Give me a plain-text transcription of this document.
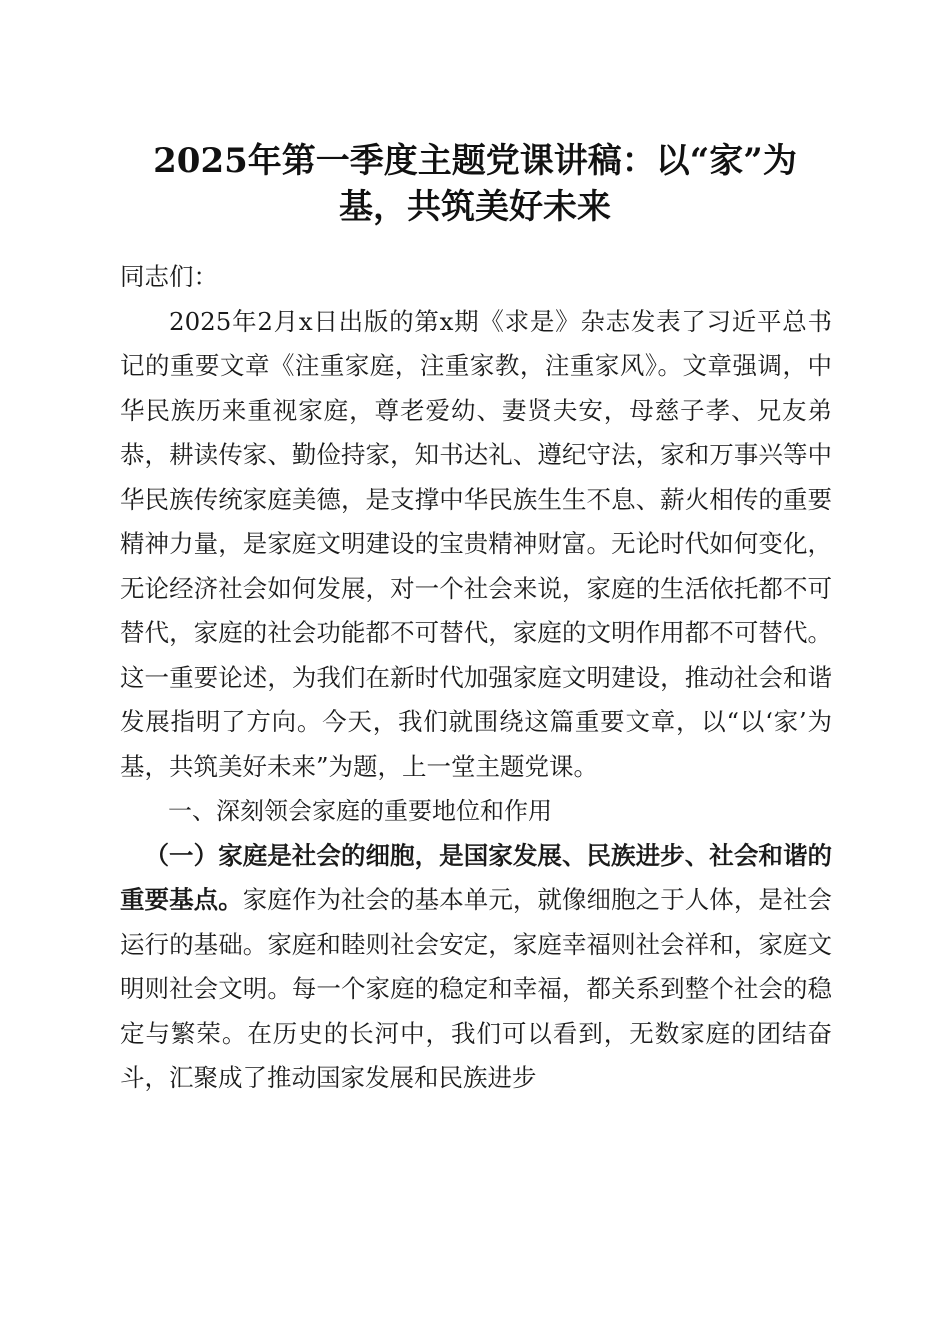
2025年第一季度主题党课讲稿：以“家”为
基，共筑美好未来

同志们：

2025年2月x日出版的第x期《求是》杂志发表了习近平总书记的重要文章《注重家庭，注重家教，注重家风》。文章强调，中华民族历来重视家庭，尊老爱幼、妻贤夫安，母慈子孝、兄友弟恭，耕读传家、勤俭持家，知书达礼、遵纪守法，家和万事兴等中华民族传统家庭美德，是支撑中华民族生生不息、薪火相传的重要精神力量，是家庭文明建设的宝贵精神财富。无论时代如何变化，无论经济社会如何发展，对一个社会来说，家庭的生活依托都不可替代，家庭的社会功能都不可替代，家庭的文明作用都不可替代。这一重要论述，为我们在新时代加强家庭文明建设，推动社会和谐发展指明了方向。今天，我们就围绕这篇重要文章，以“以‘家’为基，共筑美好未来”为题，上一堂主题党课。

一、深刻领会家庭的重要地位和作用

（一）家庭是社会的细胞，是国家发展、民族进步、社会和谐的重要基点。家庭作为社会的基本单元，就像细胞之于人体，是社会运行的基础。家庭和睦则社会安定，家庭幸福则社会祥和，家庭文明则社会文明。每一个家庭的稳定和幸福，都关系到整个社会的稳定与繁荣。在历史的长河中，我们可以看到，无数家庭的团结奋斗，汇聚成了推动国家发展和民族进步
